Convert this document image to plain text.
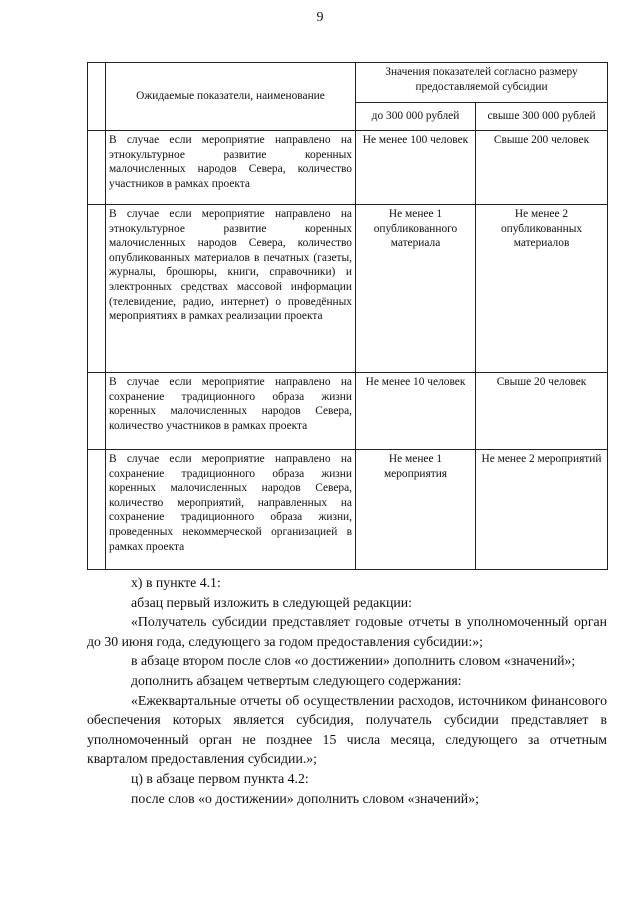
9
	Ожидаемые показатели, наименование	Значения показателей согласно размеру предоставляемой субсидии	
		до 300 000 рублей	свыше 300 000 рублей
	В случае если мероприятие направлено на этнокультурное развитие коренных малочисленных народов Севера, количество участников в рамках проекта	Не менее 100 человек	Свыше 200 человек
	В случае если мероприятие направлено на этнокультурное развитие коренных малочисленных народов Севера, количество опубликованных материалов в печатных (газеты, журналы, брошюры, книги, справочники) и электронных средствах массовой информации (телевидение, радио, интернет) о проведённых мероприятиях в рамках реализации проекта	Не менее 1 опубликованного материала	Не менее 2 опубликованных материалов
	В случае если мероприятие направлено на сохранение традиционного образа жизни коренных малочисленных народов Севера, количество участников в рамках проекта	Не менее 10 человек	Свыше 20 человек
	В случае если мероприятие направлено на сохранение традиционного образа жизни коренных малочисленных народов Севера, количество мероприятий, направленных на сохранение традиционного образа жизни, проведенных некоммерческой организацией в рамках проекта	Не менее 1 мероприятия	Не менее 2 мероприятий

х) в пункте 4.1:

абзац первый изложить в следующей редакции:

«Получатель субсидии представляет годовые отчеты в уполномоченный орган до 30 июня года, следующего за годом предоставления субсидии:»;

в абзаце втором после слов «о достижении» дополнить словом «значений»;

дополнить абзацем четвертым следующего содержания:

«Ежеквартальные отчеты об осуществлении расходов, источником финансового обеспечения которых является субсидия, получатель субсидии представляет в уполномоченный орган не позднее 15 числа месяца, следующего за отчетным кварталом предоставления субсидии.»;

ц) в абзаце первом пункта 4.2:

после слов «о достижении» дополнить словом «значений»;
